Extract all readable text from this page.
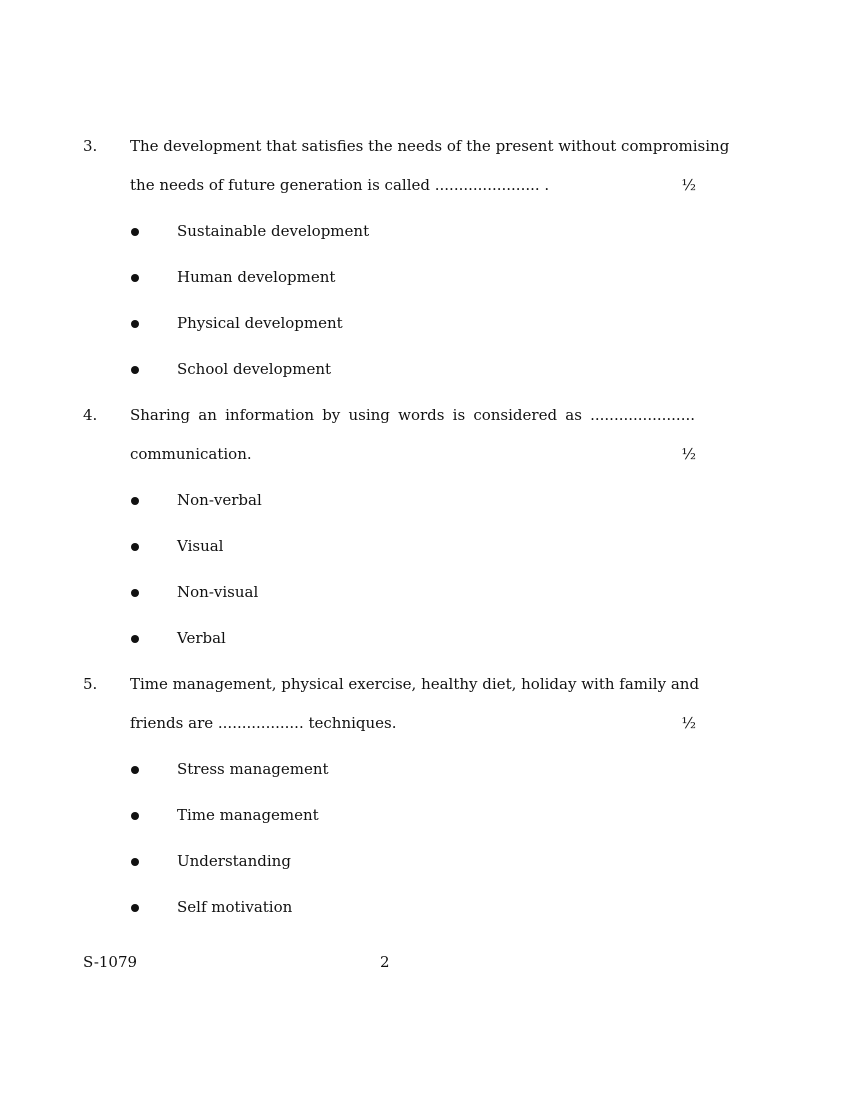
3. The development that satisfies the needs of the present without compromising
the needs of future generation is called ...................... .	½
Sustainable development
Human development
Physical development
School development
4. Sharing an information by using words is considered as ......................
communication.	½
Non-verbal
Visual
Non-visual
Verbal
5. Time management, physical exercise, healthy diet, holiday with family and
friends are .................. techniques.	½
Stress management
Time management
Understanding
Self motivation
S-1079	2
